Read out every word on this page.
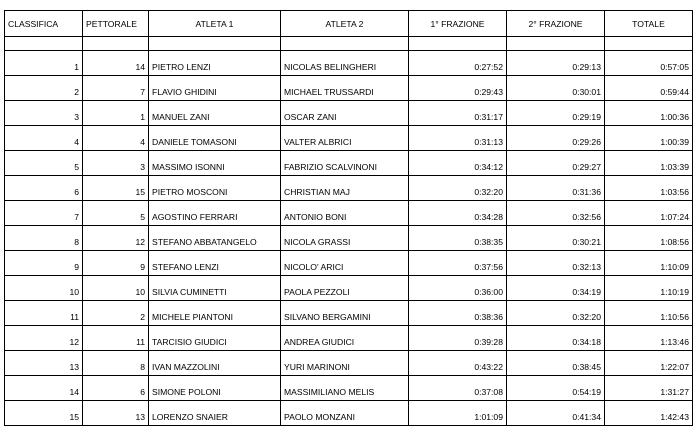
CLASSIFICA	PETTORALE	ATLETA 1	ATLETA 2	1° FRAZIONE	2° FRAZIONE	TOTALE

1	14	PIETRO LENZI	NICOLAS BELINGHERI	0:27:52	0:29:13	0:57:05
2	7	FLAVIO GHIDINI	MICHAEL TRUSSARDI	0:29:43	0:30:01	0:59:44
3	1	MANUEL ZANI	OSCAR ZANI	0:31:17	0:29:19	1:00:36
4	4	DANIELE TOMASONI	VALTER ALBRICI	0:31:13	0:29:26	1:00:39
5	3	MASSIMO ISONNI	FABRIZIO SCALVINONI	0:34:12	0:29:27	1:03:39
6	15	PIETRO MOSCONI	CHRISTIAN MAJ	0:32:20	0:31:36	1:03:56
7	5	AGOSTINO FERRARI	ANTONIO BONI	0:34:28	0:32:56	1:07:24
8	12	STEFANO ABBATANGELO	NICOLA GRASSI	0:38:35	0:30:21	1:08:56
9	9	STEFANO LENZI	NICOLO' ARICI	0:37:56	0:32:13	1:10:09
10	10	SILVIA CUMINETTI	PAOLA PEZZOLI	0:36:00	0:34:19	1:10:19
11	2	MICHELE PIANTONI	SILVANO BERGAMINI	0:38:36	0:32:20	1:10:56
12	11	TARCISIO GIUDICI	ANDREA GIUDICI	0:39:28	0:34:18	1:13:46
13	8	IVAN MAZZOLINI	YURI MARINONI	0:43:22	0:38:45	1:22:07
14	6	SIMONE POLONI	MASSIMILIANO MELIS	0:37:08	0:54:19	1:31:27
15	13	LORENZO SNAIER	PAOLO MONZANI	1:01:09	0:41:34	1:42:43
